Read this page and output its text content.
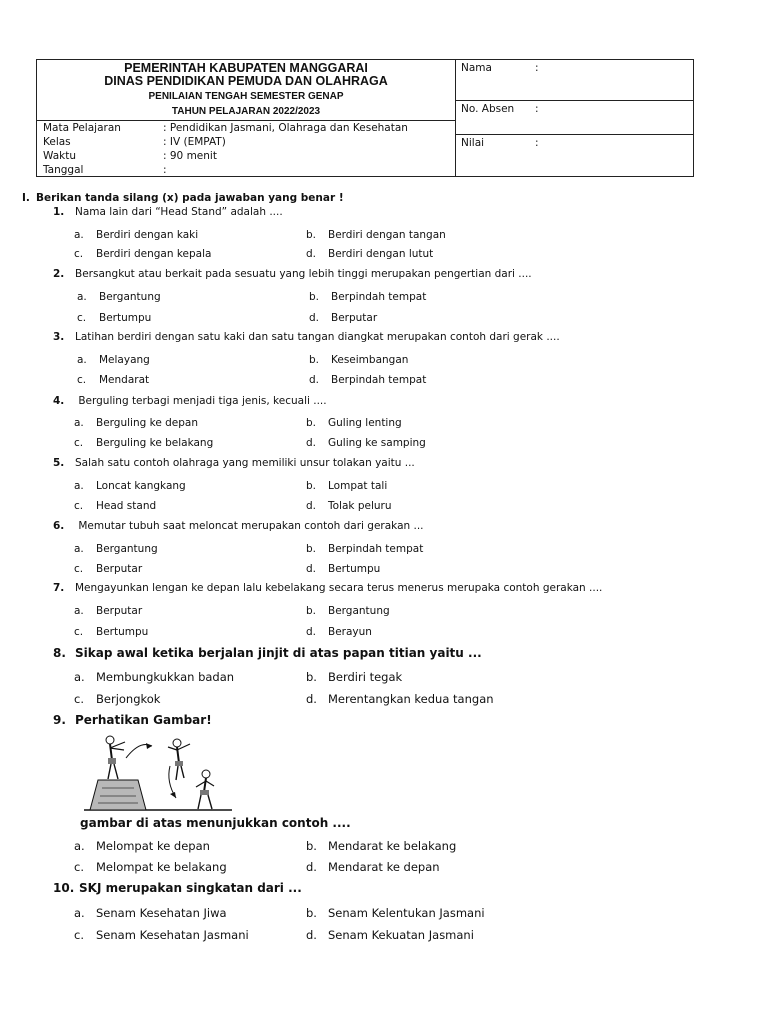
PEMERINTAH KABUPATEN MANGGARAI
DINAS PENDIDIKAN PEMUDA DAN OLAHRAGA
PENILAIAN TENGAH SEMESTER GENAP
TAHUN PELAJARAN 2022/2023
Mata Pelajaran	: Pendidikan Jasmani, Olahraga dan Kesehatan
Kelas	: IV (EMPAT)
Waktu	: 90 menit
Tanggal	:
Nama	:
No. Absen :
Nilai	:
I. Berikan tanda silang (x) pada jawaban yang benar !
1. Nama lain dari “Head Stand” adalah ....
a. Berdiri dengan kaki	b. Berdiri dengan tangan
c. Berdiri dengan kepala	d. Berdiri dengan lutut
2. Bersangkut atau berkait pada sesuatu yang lebih tinggi merupakan pengertian dari ....
a. Bergantung	b. Berpindah tempat
c. Bertumpu	d. Berputar
3. Latihan berdiri dengan satu kaki dan satu tangan diangkat merupakan contoh dari gerak ....
a. Melayang	b. Keseimbangan
c. Mendarat	d. Berpindah tempat
4. Berguling terbagi menjadi tiga jenis, kecuali ....
a. Berguling ke depan	b. Guling lenting
c. Berguling ke belakang	d. Guling ke samping
5. Salah satu contoh olahraga yang memiliki unsur tolakan yaitu ...
a. Loncat kangkang	b. Lompat tali
c. Head stand	d. Tolak peluru
6. Memutar tubuh saat meloncat merupakan contoh dari gerakan ...
a. Bergantung	b. Berpindah tempat
c. Berputar	d. Bertumpu
7. Mengayunkan lengan ke depan lalu kebelakang secara terus menerus merupaka contoh gerakan ....
a. Berputar	b. Bergantung
c. Bertumpu	d. Berayun
8. Sikap awal ketika berjalan jinjit di atas papan titian yaitu ...
a. Membungkukkan badan	b. Berdiri tegak
c. Berjongkok	d. Merentangkan kedua tangan
9. Perhatikan Gambar!
gambar di atas menunjukkan contoh ....
a. Melompat ke depan	b. Mendarat ke belakang
c. Melompat ke belakang	d. Mendarat ke depan
10. SKJ merupakan singkatan dari ...
a. Senam Kesehatan Jiwa	b. Senam Kelentukan Jasmani
c. Senam Kesehatan Jasmani	d. Senam Kekuatan Jasmani
